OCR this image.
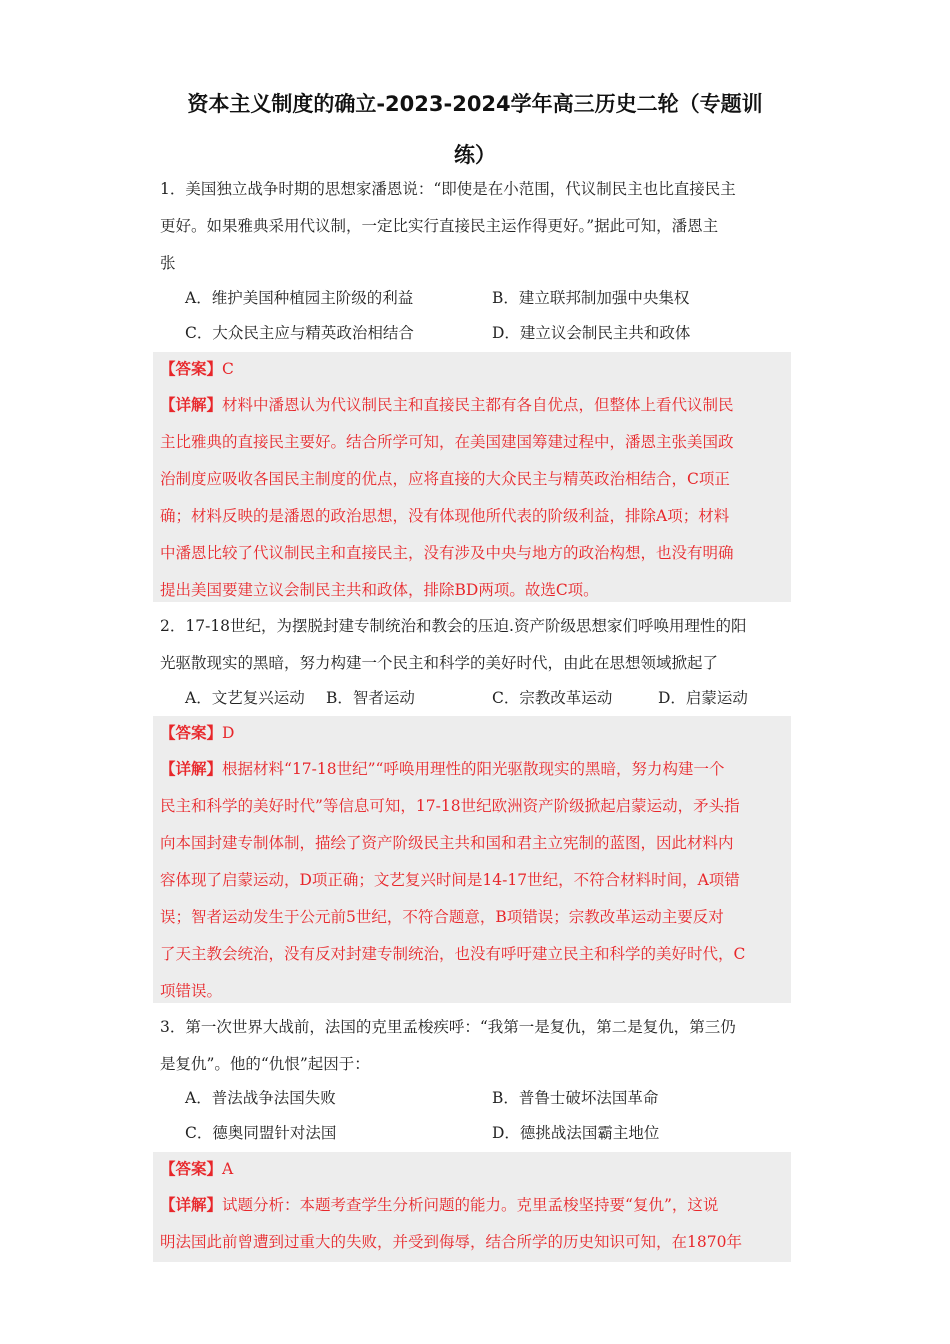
资本主义制度的确立-2023-2024学年高三历史二轮（专题训
练）
1．美国独立战争时期的思想家潘恩说：“即使是在小范围，代议制民主也比直接民主
更好。如果雅典采用代议制，一定比实行直接民主运作得更好。”据此可知，潘恩主
张
A．维护美国种植园主阶级的利益	B．建立联邦制加强中央集权
C．大众民主应与精英政治相结合	D．建立议会制民主共和政体
【答案】C
【详解】材料中潘恩认为代议制民主和直接民主都有各自优点，但整体上看代议制民
主比雅典的直接民主要好。结合所学可知，在美国建国筹建过程中，潘恩主张美国政
治制度应吸收各国民主制度的优点，应将直接的大众民主与精英政治相结合，C项正
确；材料反映的是潘恩的政治思想，没有体现他所代表的阶级利益，排除A项；材料
中潘恩比较了代议制民主和直接民主，没有涉及中央与地方的政治构想，也没有明确
提出美国要建立议会制民主共和政体，排除BD两项。故选C项。
2．17-18世纪，为摆脱封建专制统治和教会的压迫.资产阶级思想家们呼唤用理性的阳
光驱散现实的黑暗，努力构建一个民主和科学的美好时代，由此在思想领域掀起了
A．文艺复兴运动 B．智者运动	C．宗教改革运动	D．启蒙运动
【答案】D
【详解】根据材料“17-18世纪”“呼唤用理性的阳光驱散现实的黑暗，努力构建一个
民主和科学的美好时代”等信息可知，17-18世纪欧洲资产阶级掀起启蒙运动，矛头指
向本国封建专制体制，描绘了资产阶级民主共和国和君主立宪制的蓝图，因此材料内
容体现了启蒙运动，D项正确；文艺复兴时间是14-17世纪，不符合材料时间，A项错
误；智者运动发生于公元前5世纪，不符合题意，B项错误；宗教改革运动主要反对
了天主教会统治，没有反对封建专制统治，也没有呼吁建立民主和科学的美好时代，C
项错误。
3．第一次世界大战前，法国的克里孟梭疾呼：“我第一是复仇，第二是复仇，第三仍
是复仇”。他的“仇恨”起因于：
A．普法战争法国失败	B．普鲁士破坏法国革命
C．德奥同盟针对法国	D．德挑战法国霸主地位
【答案】A
【详解】试题分析：本题考查学生分析问题的能力。克里孟梭坚持要“复仇”，这说
明法国此前曾遭到过重大的失败，并受到侮辱，结合所学的历史知识可知，在1870年
